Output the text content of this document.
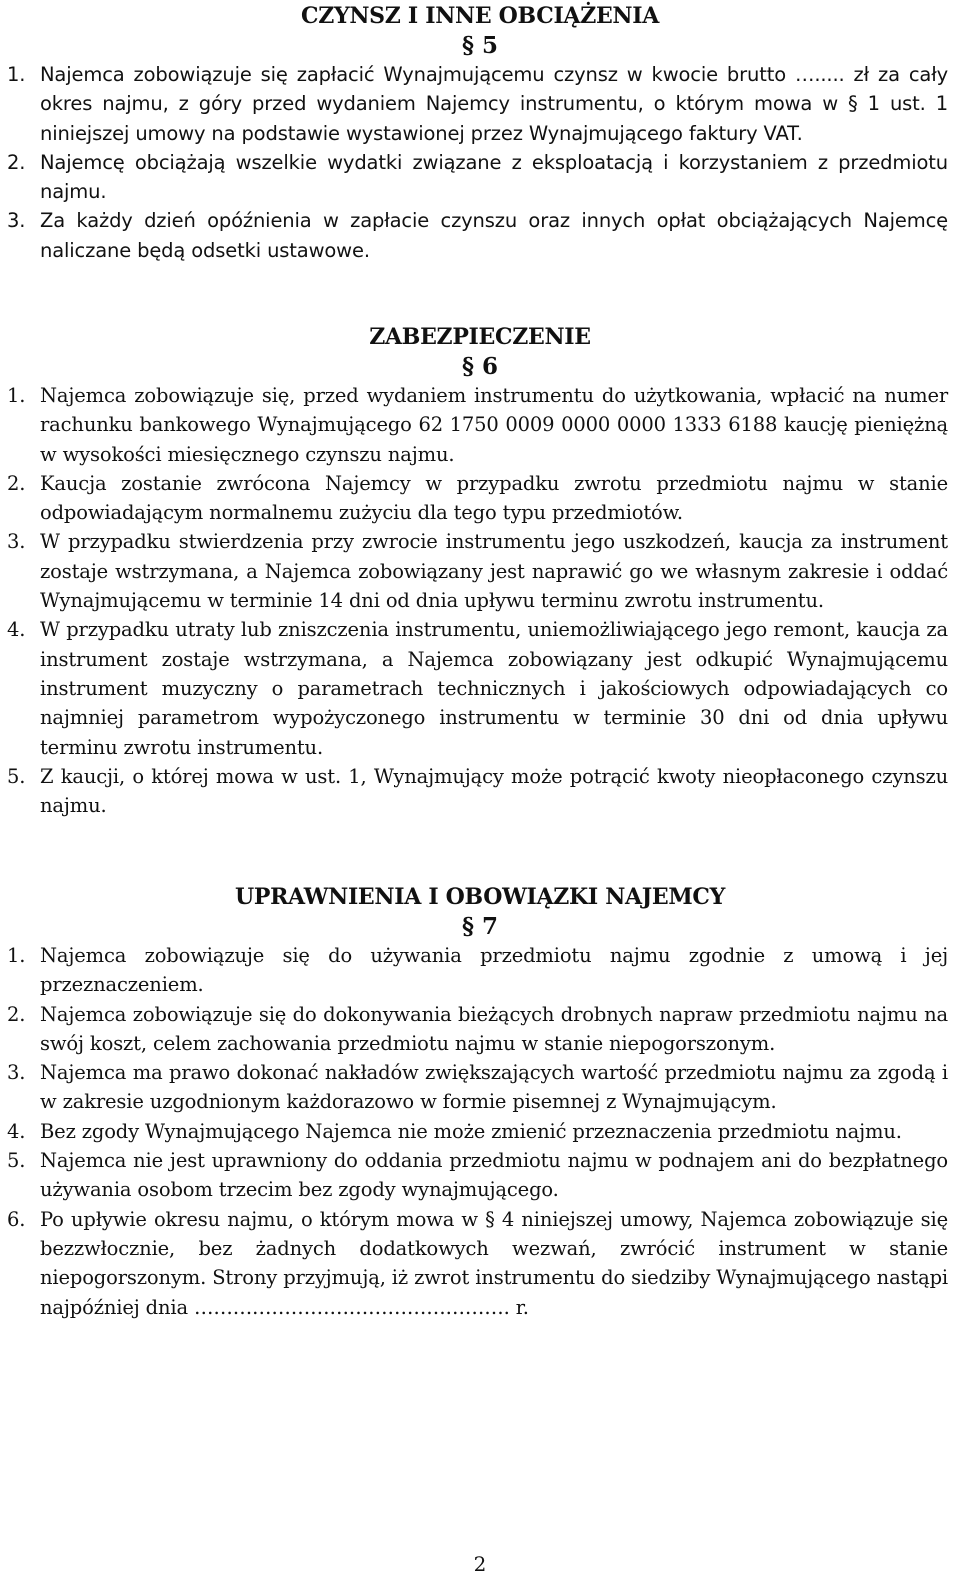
CZYNSZ I INNE OBCIĄŻENIA
§ 5
1. Najemca zobowiązuje się zapłacić Wynajmującemu czynsz w kwocie brutto …..... zł za cały okres najmu, z góry przed wydaniem Najemcy instrumentu, o którym mowa w § 1 ust. 1 niniejszej umowy na podstawie wystawionej przez Wynajmującego faktury VAT.
2. Najemcę obciążają wszelkie wydatki związane z eksploatacją i korzystaniem z przedmiotu najmu.
3. Za każdy dzień opóźnienia w zapłacie czynszu oraz innych opłat obciążających Najemcę naliczane będą odsetki ustawowe.
ZABEZPIECZENIE
§ 6
1. Najemca zobowiązuje się, przed wydaniem instrumentu do użytkowania, wpłacić na numer rachunku bankowego Wynajmującego 62 1750 0009 0000 0000 1333 6188 kaucję pieniężną w wysokości miesięcznego czynszu najmu.
2. Kaucja zostanie zwrócona Najemcy w przypadku zwrotu przedmiotu najmu w stanie odpowiadającym normalnemu zużyciu dla tego typu przedmiotów.
3. W przypadku stwierdzenia przy zwrocie instrumentu jego uszkodzeń, kaucja za instrument zostaje wstrzymana, a Najemca zobowiązany jest naprawić go we własnym zakresie i oddać Wynajmującemu w terminie 14 dni od dnia upływu terminu zwrotu instrumentu.
4. W przypadku utraty lub zniszczenia instrumentu, uniemożliwiającego jego remont, kaucja za instrument zostaje wstrzymana, a Najemca zobowiązany jest odkupić Wynajmującemu instrument muzyczny o parametrach technicznych i jakościowych odpowiadających co najmniej parametrom wypożyczonego instrumentu w terminie 30 dni od dnia upływu terminu zwrotu instrumentu.
5. Z kaucji, o której mowa w ust. 1, Wynajmujący może potrącić kwoty nieopłaconego czynszu najmu.
UPRAWNIENIA I OBOWIĄZKI NAJEMCY
§ 7
1. Najemca zobowiązuje się do używania przedmiotu najmu zgodnie z umową i jej przeznaczeniem.
2. Najemca zobowiązuje się do dokonywania bieżących drobnych napraw przedmiotu najmu na swój koszt, celem zachowania przedmiotu najmu w stanie niepogorszonym.
3. Najemca ma prawo dokonać nakładów zwiększających wartość przedmiotu najmu za zgodą i w zakresie uzgodnionym każdorazowo w formie pisemnej z Wynajmującym.
4. Bez zgody Wynajmującego Najemca nie może zmienić przeznaczenia przedmiotu najmu.
5. Najemca nie jest uprawniony do oddania przedmiotu najmu w podnajem ani do bezpłatnego używania osobom trzecim bez zgody wynajmującego.
6. Po upływie okresu najmu, o którym mowa w § 4 niniejszej umowy, Najemca zobowiązuje się bezzwłocznie, bez żadnych dodatkowych wezwań, zwrócić instrument w stanie niepogorszonym. Strony przyjmują, iż zwrot instrumentu do siedziby Wynajmującego nastąpi najpóźniej dnia …………………………………………. r.
2
